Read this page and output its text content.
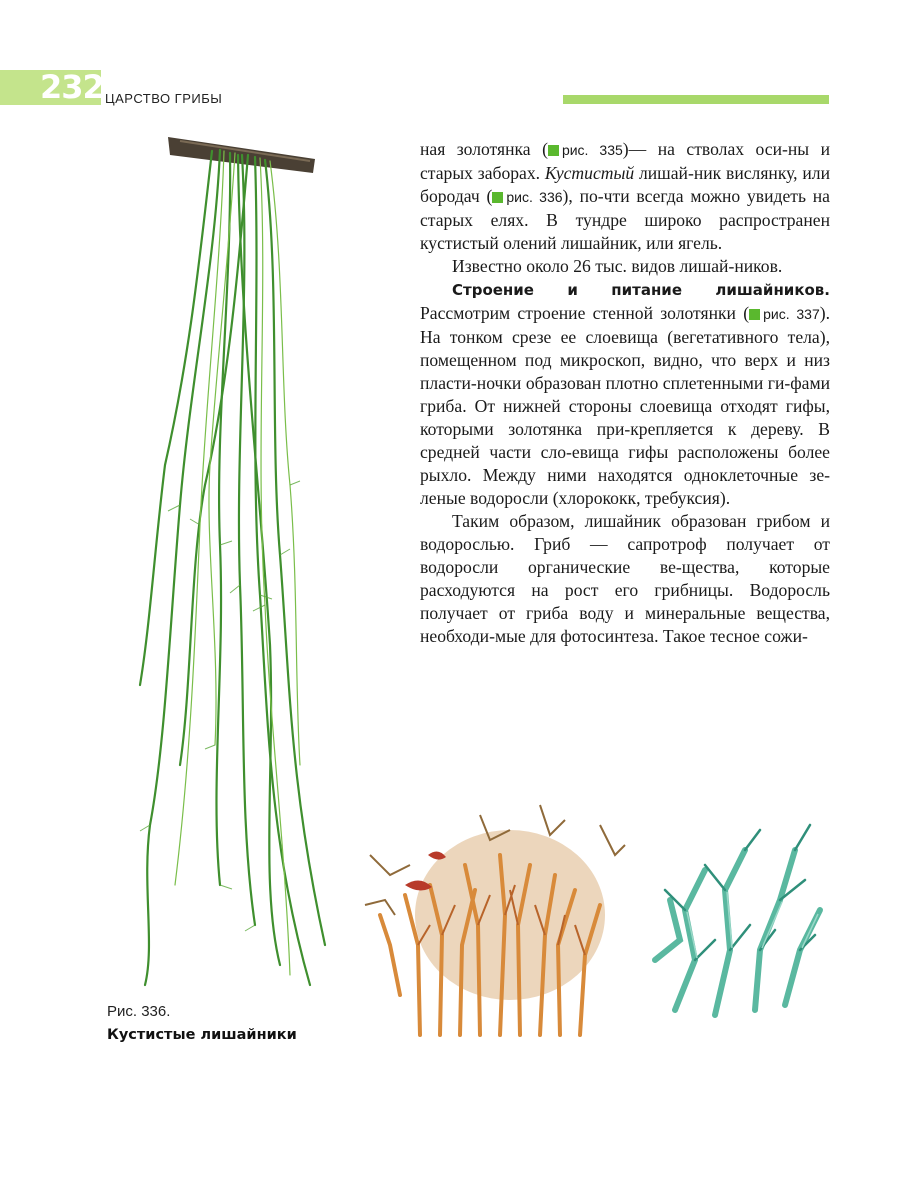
232 ЦАРСТВО ГРИБЫ

ная золотянка ( рис. 335)— на стволах оси-ны и старых заборах. Кустистый лишай-ник вислянку, или бородач ( рис. 336), по-чти всегда можно увидеть на старых елях. В тундре широко распространен кустистый олений лишайник, или ягель.

Известно около 26 тыс. видов лишай-ников.

Строение и питание лишайников. Рассмотрим строение стенной золотянки ( рис. 337). На тонком срезе ее слоевища (вегетативного тела), помещенном под микроскоп, видно, что верх и низ пласти-ночки образован плотно сплетенными ги-фами гриба. От нижней стороны слоевища отходят гифы, которыми золотянка при-крепляется к дереву. В средней части сло-евища гифы расположены более рыхло. Между ними находятся одноклеточные зе-леные водоросли (хлорококк, требуксия).

Таким образом, лишайник образован грибом и водорослью. Гриб — сапротроф получает от водоросли органические ве-щества, которые расходуются на рост его грибницы. Водоросль получает от гриба воду и минеральные вещества, необходи-мые для фотосинтеза. Такое тесное сожи-

Рис. 336.
Кустистые лишайники
